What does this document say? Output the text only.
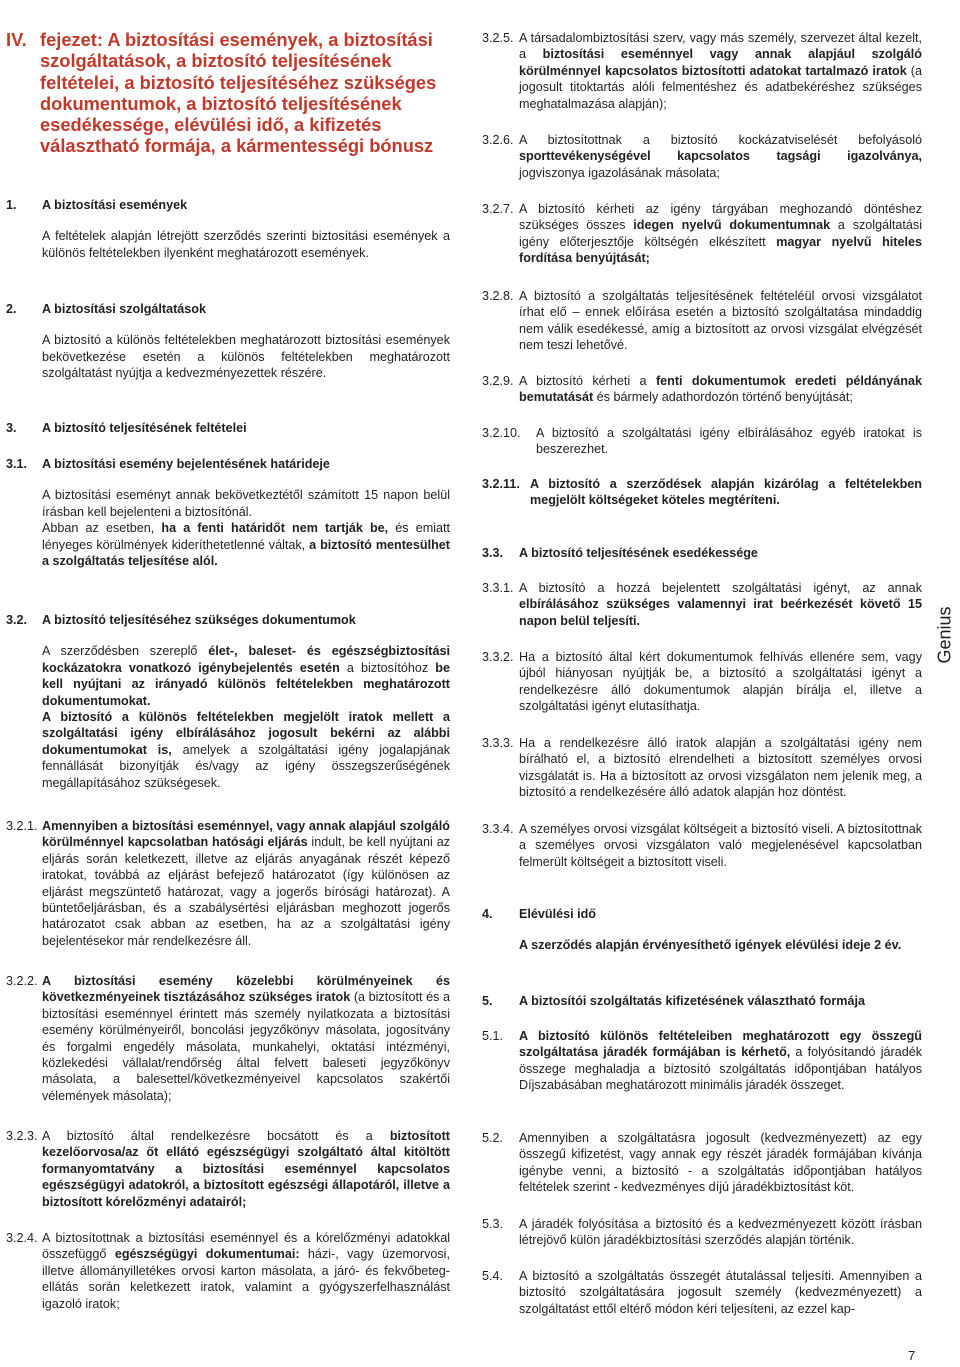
IV. fejezet: A biztosítási események, a biztosítási szolgáltatások, a biztosító teljesítésének feltételei, a biztosító teljesítéséhez szükséges dokumentumok, a biztosító teljesítésének esedékessége, elévülési idő, a kifizetés választható formája, a kármentességi bónusz
1. A biztosítási események

A feltételek alapján létrejött szerződés szerinti biztosítási események a különös feltételekben ilyenként meghatározott események.

2. A biztosítási szolgáltatások

A biztosító a különös feltételekben meghatározott biztosítási események bekövetkezése esetén a különös feltételekben meghatározott szolgáltatást nyújtja a kedvezményezettek részére.

3. A biztosító teljesítésének feltételei
3.1. A biztosítási esemény bejelentésének határideje

A biztosítási eseményt annak bekövetkeztétől számított 15 napon belül írásban kell bejelenteni a biztosítónál.

Abban az esetben, ha a fenti határidőt nem tartják be, és emiatt lényeges körülmények kideríthetetlenné váltak, a biztosító mentesülhet a szolgáltatás teljesítése alól.

3.2. A biztosító teljesítéséhez szükséges dokumentumok

A szerződésben szereplő élet-, baleset- és egészségbiztosítási kockázatokra vonatkozó igénybejelentés esetén a biztosítóhoz be kell nyújtani az irányadó különös feltételekben meghatározott dokumentumokat.

A biztosító a különös feltételekben megjelölt iratok mellett a szolgáltatási igény elbírálásához jogosult bekérni az alábbi dokumentumokat is, amelyek a szolgáltatási igény jogalapjának fennállását bizonyítják és/vagy az igény összegszerűségének megállapításához szükségesek.

3.2.1. Amennyiben a biztosítási eseménnyel, vagy annak alapjául szolgáló körülménnyel kapcsolatban hatósági eljárás indult, be kell nyújtani az eljárás során keletkezett, illetve az eljárás anyagának részét képező iratokat, továbbá az eljárást befejező határozatot (így különösen az eljárást megszüntető határozat, vagy a jogerős bírósági határozat). A büntetőeljárásban, és a szabálysértési eljárásban meghozott jogerős határozatot csak abban az esetben, ha az a szolgáltatási igény bejelentésekor már rendelkezésre áll.

3.2.2. A biztosítási esemény közelebbi körülményeinek és következményeinek tisztázásához szükséges iratok (a biztosított és a biztosítási eseménnyel érintett más személy nyilatkozata a biztosítási esemény körülményeiről, boncolási jegyzőkönyv másolata, jogosítvány és forgalmi engedély másolata, munkahelyi, oktatási intézményi, közlekedési vállalat/rendőrség által felvett baleseti jegyzőkönyv másolata, a balesettel/következményeivel kapcsolatos szakértői vélemények másolata);

3.2.3. A biztosító által rendelkezésre bocsátott és a biztosított kezelőorvosa/az őt ellátó egészségügyi szolgáltató által kitöltött formanyomtatvány a biztosítási eseménnyel kapcsolatos egészségügyi adatokról, a biztosított egészségi állapotáról, illetve a biztosított kórelőzményi adatairól;

3.2.4. A biztosítottnak a biztosítási eseménnyel és a kórelőzményi adatokkal összefüggő egészségügyi dokumentumai: házi-, vagy üzemorvosi, illetve állományilletékes orvosi karton másolata, a járó- és fekvőbeteg-ellátás során keletkezett iratok, valamint a gyógyszerfelhasználást igazoló iratok;

3.2.5. A társadalombiztosítási szerv, vagy más személy, szervezet által kezelt, a biztosítási eseménnyel vagy annak alapjául szolgáló körülménnyel kapcsolatos biztosítotti adatokat tartalmazó iratok (a jogosult titoktartás alóli felmentéshez és adatbekéréshez szükséges meghatalmazása alapján);

3.2.6. A biztosítottnak a biztosító kockázatviselését befolyásoló sporttevékenységével kapcsolatos tagsági igazolványa, jogviszonya igazolásának másolata;

3.2.7. A biztosító kérheti az igény tárgyában meghozandó döntéshez szükséges összes idegen nyelvű dokumentumnak a szolgáltatási igény előterjesztője költségén elkészített magyar nyelvű hiteles fordítása benyújtását;

3.2.8. A biztosító a szolgáltatás teljesítésének feltételéül orvosi vizsgálatot írhat elő – ennek előírása esetén a biztosító szolgáltatása mindaddig nem válik esedékessé, amíg a biztosított az orvosi vizsgálat elvégzését nem teszi lehetővé.

3.2.9. A biztosító kérheti a fenti dokumentumok eredeti példányának bemutatását és bármely adathordozón történő benyújtását;

3.2.10. A biztosító a szolgáltatási igény elbírálásához egyéb iratokat is beszerezhet.

3.2.11. A biztosító a szerződések alapján kizárólag a feltételekben megjelölt költségeket köteles megtéríteni.

3.3. A biztosító teljesítésének esedékessége
3.3.1. A biztosító a hozzá bejelentett szolgáltatási igényt, az annak elbírálásához szükséges valamennyi irat beérkezését követő 15 napon belül teljesíti.

3.3.2. Ha a biztosító által kért dokumentumok felhívás ellenére sem, vagy újból hiányosan nyújtják be, a biztosító a szolgáltatási igényt a rendelkezésre álló dokumentumok alapján bírálja el, illetve a szolgáltatási igényt elutasíthatja.

3.3.3. Ha a rendelkezésre álló iratok alapján a szolgáltatási igény nem bírálható el, a biztosító elrendelheti a biztosított személyes orvosi vizsgálatát is. Ha a biztosított az orvosi vizsgálaton nem jelenik meg, a biztosító a rendelkezésére álló adatok alapján hoz döntést.

3.3.4. A személyes orvosi vizsgálat költségeit a biztosító viseli. A biztosítottnak a személyes orvosi vizsgálaton való megjelenésével kapcsolatban felmerült költségeit a biztosított viseli.

4. Elévülési idő

A szerződés alapján érvényesíthető igények elévülési ideje 2 év.

5. A biztosítói szolgáltatás kifizetésének választható formája
5.1. A biztosító különös feltételeiben meghatározott egy összegű szolgáltatása járadék formájában is kérhető, a folyósítandó járadék összege meghaladja a biztosító szolgáltatás időpontjában hatályos Díjszabásában meghatározott minimális járadék összeget.

5.2. Amennyiben a szolgáltatásra jogosult (kedvezményezett) az egy összegű kifizetést, vagy annak egy részét járadék formájában kívánja igénybe venni, a biztosító - a szolgáltatás időpontjában hatályos feltételek szerint - kedvezményes díjú járadékbiztosítást köt.

5.3. A járadék folyósítása a biztosító és a kedvezményezett között írásban létrejövő külön járadékbiztosítási szerződés alapján történik.

5.4. A biztosító a szolgáltatás összegét átutalással teljesíti. Amennyiben a biztosító szolgáltatására jogosult személy (kedvezményezett) a szolgáltatást ettől eltérő módon kéri teljesíteni, az ezzel kap-

Genius
7
